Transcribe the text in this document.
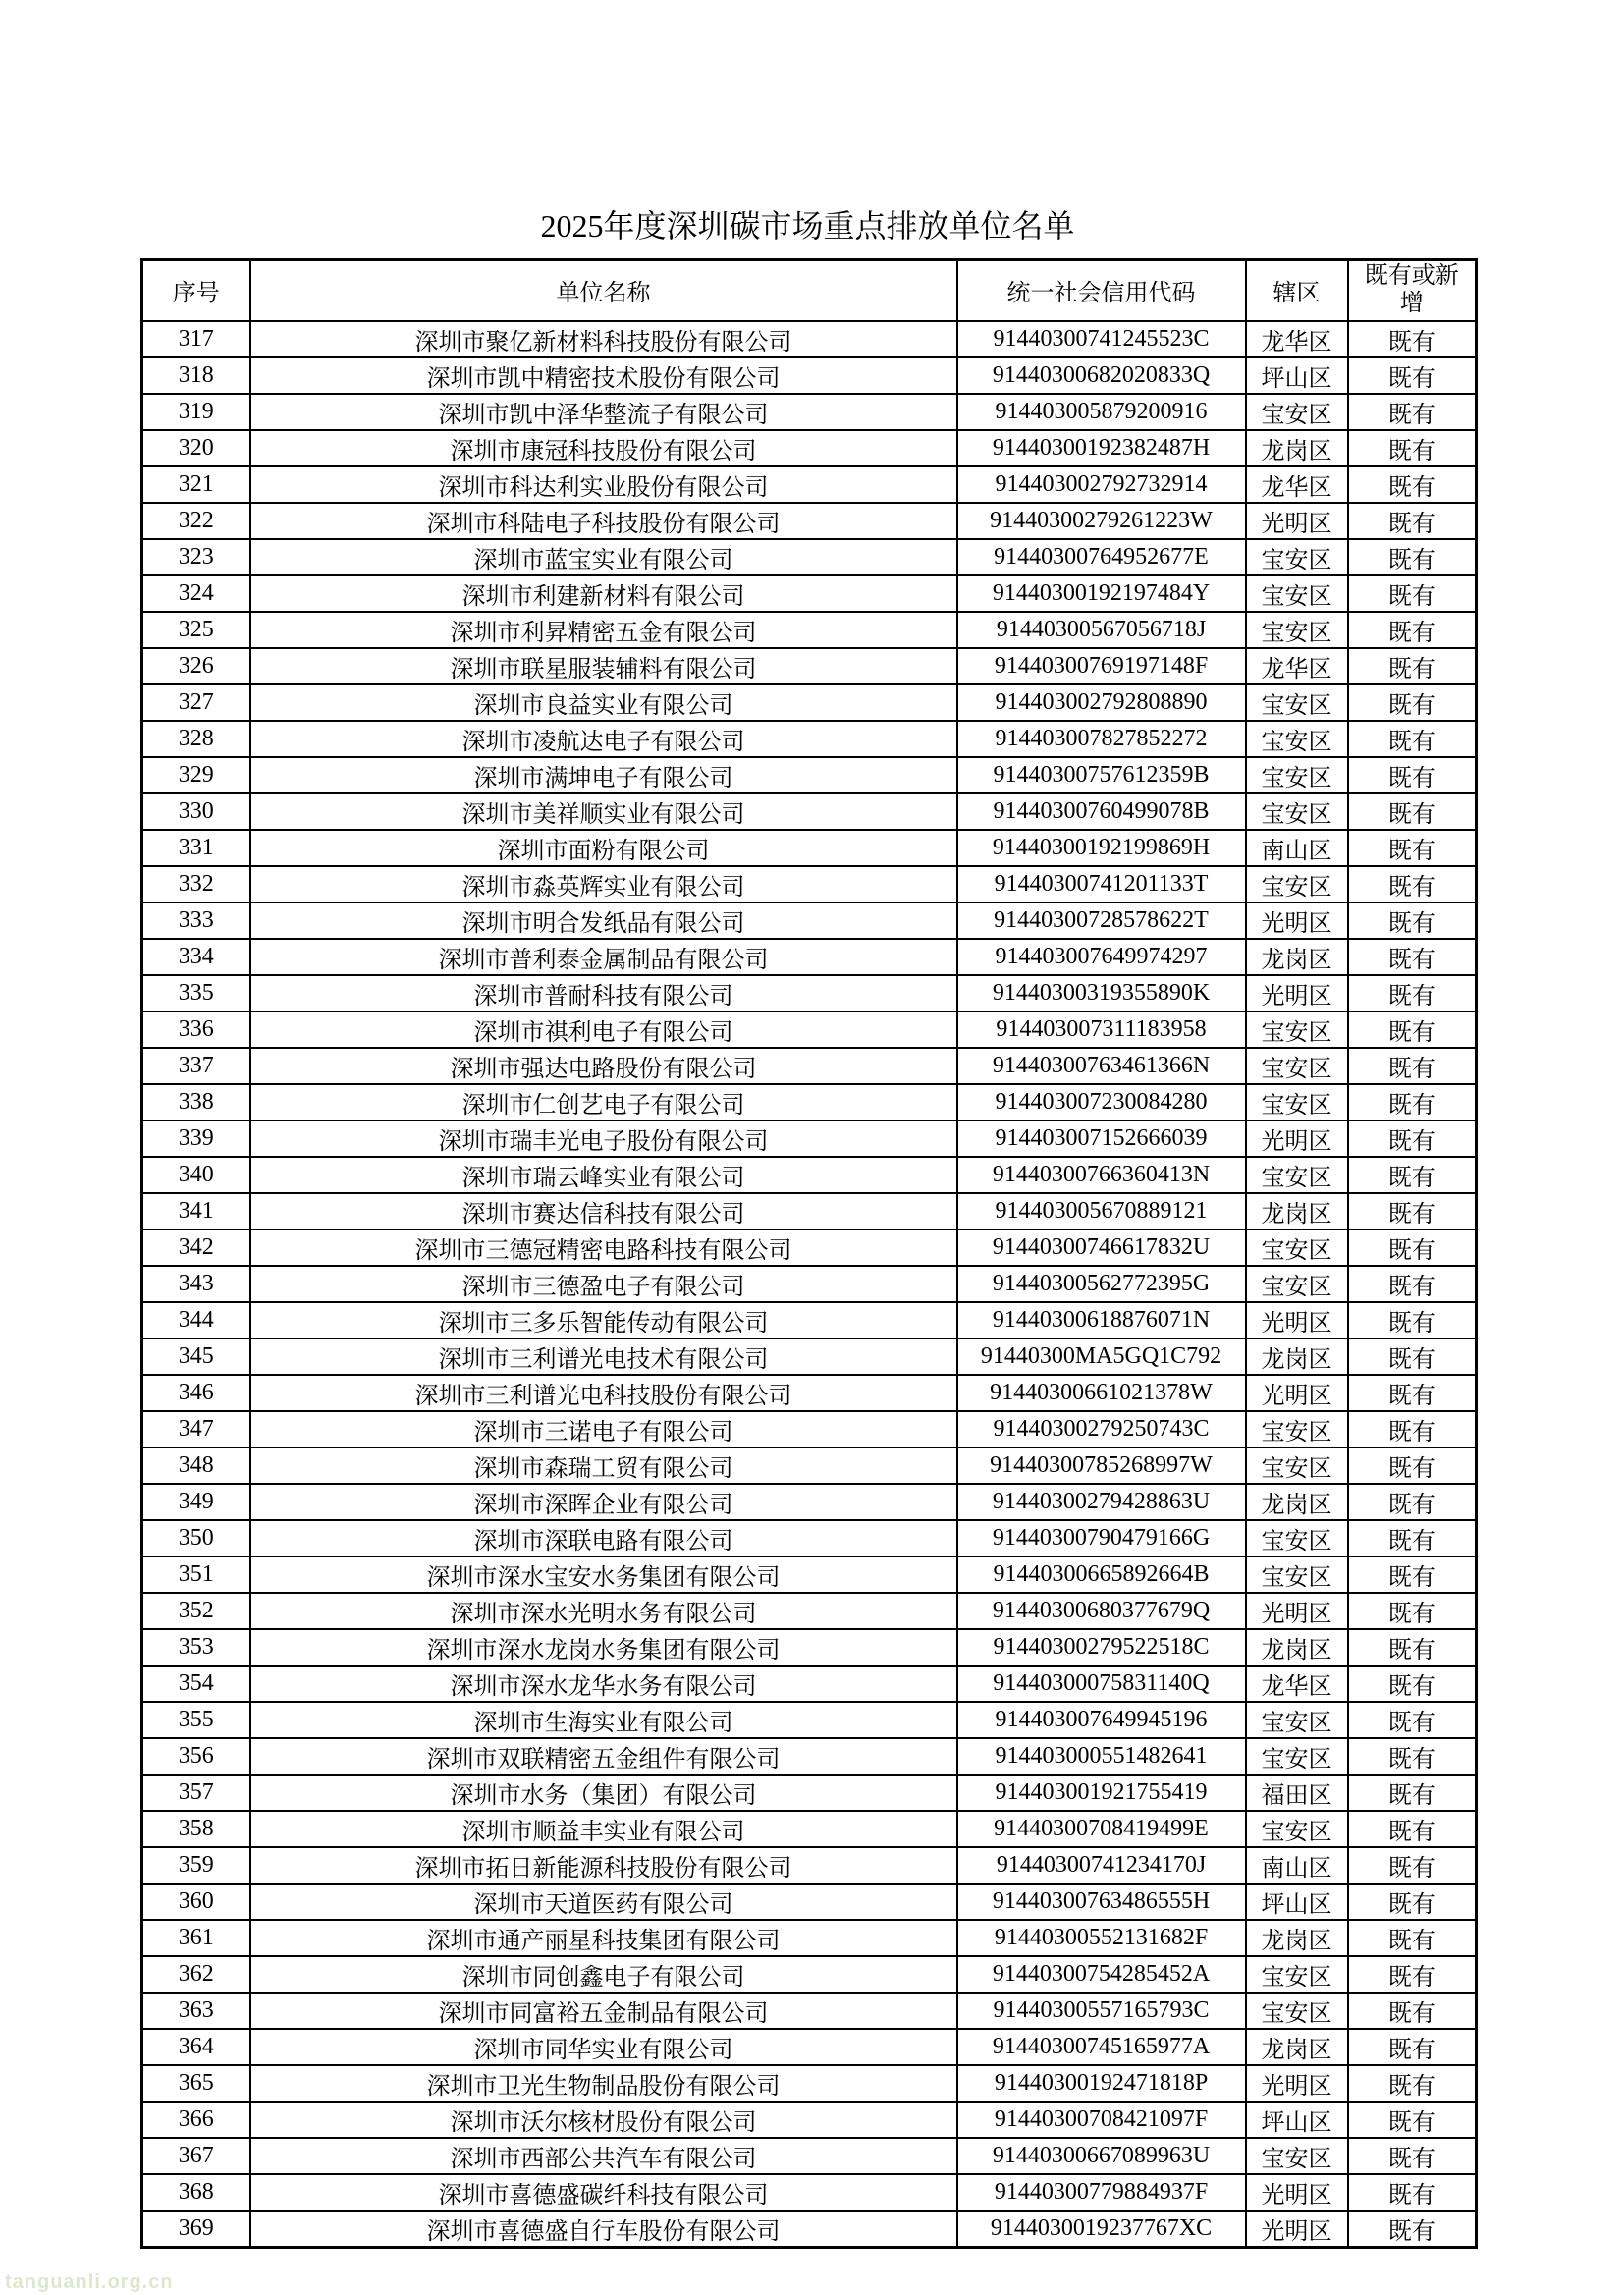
2025年度深圳碳市场重点排放单位名单
序号	单位名称	统一社会信用代码	辖区	既有或新增
317	深圳市聚亿新材料科技股份有限公司	91440300741245523C	龙华区	既有
318	深圳市凯中精密技术股份有限公司	91440300682020833Q	坪山区	既有
319	深圳市凯中泽华整流子有限公司	914403005879200916	宝安区	既有
320	深圳市康冠科技股份有限公司	91440300192382487H	龙岗区	既有
321	深圳市科达利实业股份有限公司	914403002792732914	龙华区	既有
322	深圳市科陆电子科技股份有限公司	91440300279261223W	光明区	既有
323	深圳市蓝宝实业有限公司	91440300764952677E	宝安区	既有
324	深圳市利建新材料有限公司	91440300192197484Y	宝安区	既有
325	深圳市利昇精密五金有限公司	91440300567056718J	宝安区	既有
326	深圳市联星服装辅料有限公司	91440300769197148F	龙华区	既有
327	深圳市良益实业有限公司	914403002792808890	宝安区	既有
328	深圳市凌航达电子有限公司	914403007827852272	宝安区	既有
329	深圳市满坤电子有限公司	91440300757612359B	宝安区	既有
330	深圳市美祥顺实业有限公司	91440300760499078B	宝安区	既有
331	深圳市面粉有限公司	91440300192199869H	南山区	既有
332	深圳市淼英辉实业有限公司	91440300741201133T	宝安区	既有
333	深圳市明合发纸品有限公司	91440300728578622T	光明区	既有
334	深圳市普利泰金属制品有限公司	914403007649974297	龙岗区	既有
335	深圳市普耐科技有限公司	91440300319355890K	光明区	既有
336	深圳市祺利电子有限公司	914403007311183958	宝安区	既有
337	深圳市强达电路股份有限公司	91440300763461366N	宝安区	既有
338	深圳市仁创艺电子有限公司	914403007230084280	宝安区	既有
339	深圳市瑞丰光电子股份有限公司	914403007152666039	光明区	既有
340	深圳市瑞云峰实业有限公司	91440300766360413N	宝安区	既有
341	深圳市赛达信科技有限公司	914403005670889121	龙岗区	既有
342	深圳市三德冠精密电路科技有限公司	91440300746617832U	宝安区	既有
343	深圳市三德盈电子有限公司	91440300562772395G	宝安区	既有
344	深圳市三多乐智能传动有限公司	91440300618876071N	光明区	既有
345	深圳市三利谱光电技术有限公司	91440300MA5GQ1C792	龙岗区	既有
346	深圳市三利谱光电科技股份有限公司	91440300661021378W	光明区	既有
347	深圳市三诺电子有限公司	91440300279250743C	宝安区	既有
348	深圳市森瑞工贸有限公司	91440300785268997W	宝安区	既有
349	深圳市深晖企业有限公司	91440300279428863U	龙岗区	既有
350	深圳市深联电路有限公司	91440300790479166G	宝安区	既有
351	深圳市深水宝安水务集团有限公司	91440300665892664B	宝安区	既有
352	深圳市深水光明水务有限公司	91440300680377679Q	光明区	既有
353	深圳市深水龙岗水务集团有限公司	91440300279522518C	龙岗区	既有
354	深圳市深水龙华水务有限公司	91440300075831140Q	龙华区	既有
355	深圳市生海实业有限公司	914403007649945196	宝安区	既有
356	深圳市双联精密五金组件有限公司	914403000551482641	宝安区	既有
357	深圳市水务（集团）有限公司	914403001921755419	福田区	既有
358	深圳市顺益丰实业有限公司	91440300708419499E	宝安区	既有
359	深圳市拓日新能源科技股份有限公司	91440300741234170J	南山区	既有
360	深圳市天道医药有限公司	91440300763486555H	坪山区	既有
361	深圳市通产丽星科技集团有限公司	91440300552131682F	龙岗区	既有
362	深圳市同创鑫电子有限公司	91440300754285452A	宝安区	既有
363	深圳市同富裕五金制品有限公司	91440300557165793C	宝安区	既有
364	深圳市同华实业有限公司	91440300745165977A	龙岗区	既有
365	深圳市卫光生物制品股份有限公司	91440300192471818P	光明区	既有
366	深圳市沃尔核材股份有限公司	91440300708421097F	坪山区	既有
367	深圳市西部公共汽车有限公司	91440300667089963U	宝安区	既有
368	深圳市喜德盛碳纤科技有限公司	91440300779884937F	光明区	既有
369	深圳市喜德盛自行车股份有限公司	9144030019237767XC	光明区	既有
tanguanli.org.cn
